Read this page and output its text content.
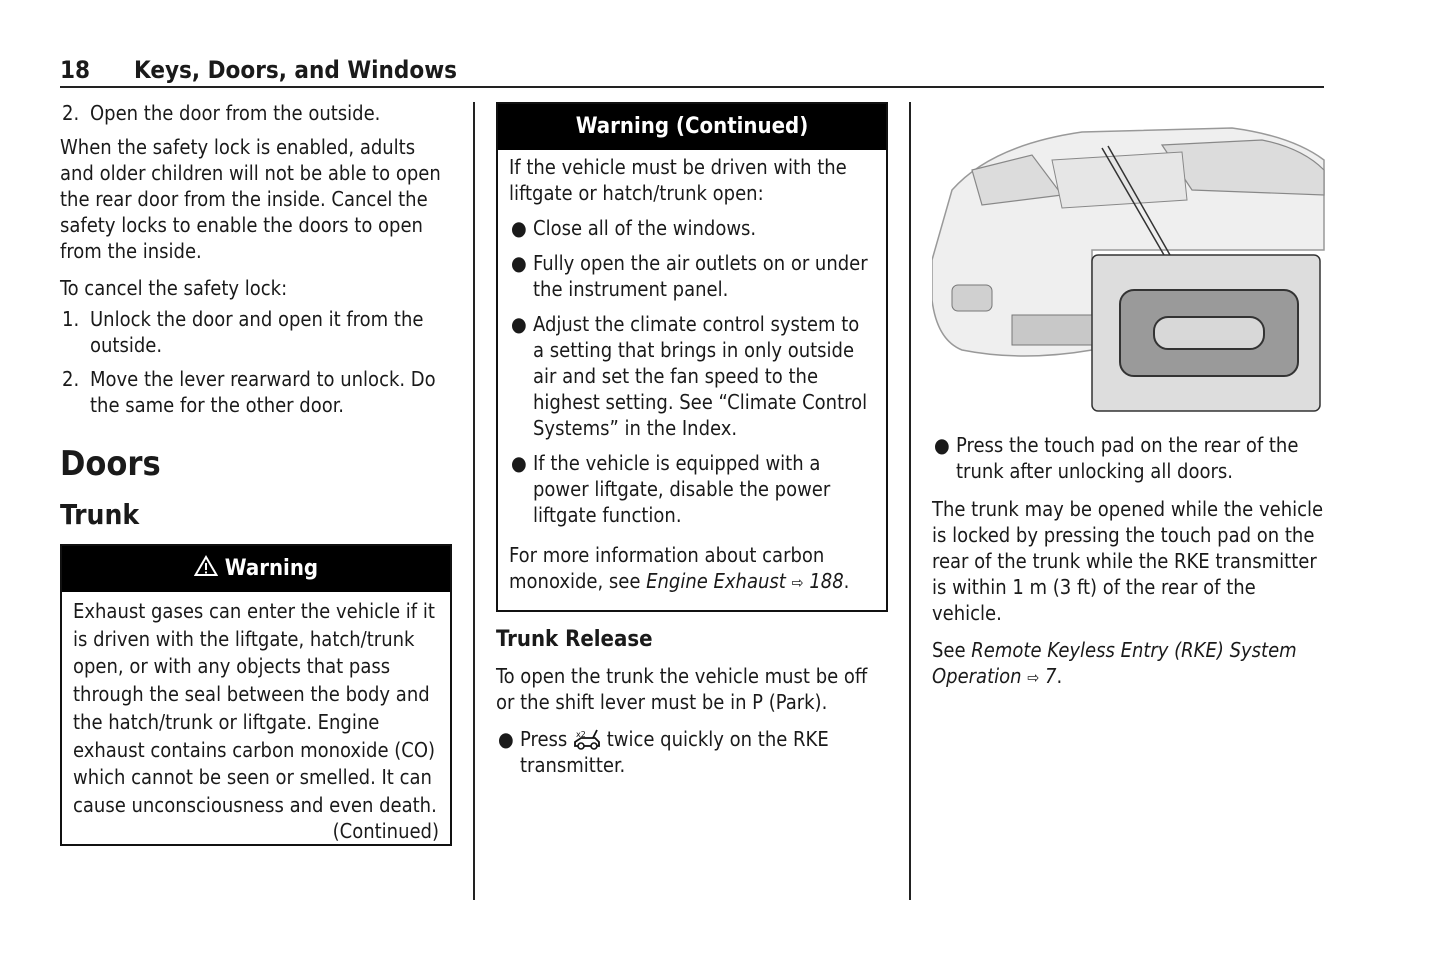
18 Keys, Doors, and Windows
2. Open the door from the outside.

When the safety lock is enabled, adults and older children will not be able to open the rear door from the inside. Cancel the safety locks to enable the doors to open from the inside.

To cancel the safety lock:

1. Unlock the door and open it from the outside.
2. Move the lever rearward to unlock. Do the same for the other door.
Doors
Trunk
Warning
Exhaust gases can enter the vehicle if it is driven with the liftgate, hatch/trunk open, or with any objects that pass through the seal between the body and the hatch/trunk or liftgate. Engine exhaust contains carbon monoxide (CO) which cannot be seen or smelled. It can cause unconsciousness and even death.
(Continued)
Warning (Continued)

If the vehicle must be driven with the liftgate or hatch/trunk open:

● Close all of the windows.
● Fully open the air outlets on or under the instrument panel.
● Adjust the climate control system to a setting that brings in only outside air and set the fan speed to the highest setting. See “Climate Control Systems” in the Index.
● If the vehicle is equipped with a power liftgate, disable the power liftgate function.

For more information about carbon monoxide, see Engine Exhaust ⇨ 188.

Trunk Release

To open the trunk the vehicle must be off or the shift lever must be in P (Park).

● Press x2 twice quickly on the RKE transmitter.
● Press the touch pad on the rear of the trunk after unlocking all doors.

The trunk may be opened while the vehicle is locked by pressing the touch pad on the rear of the trunk while the RKE transmitter is within 1 m (3 ft) of the rear of the vehicle.

See Remote Keyless Entry (RKE) System Operation ⇨ 7.
